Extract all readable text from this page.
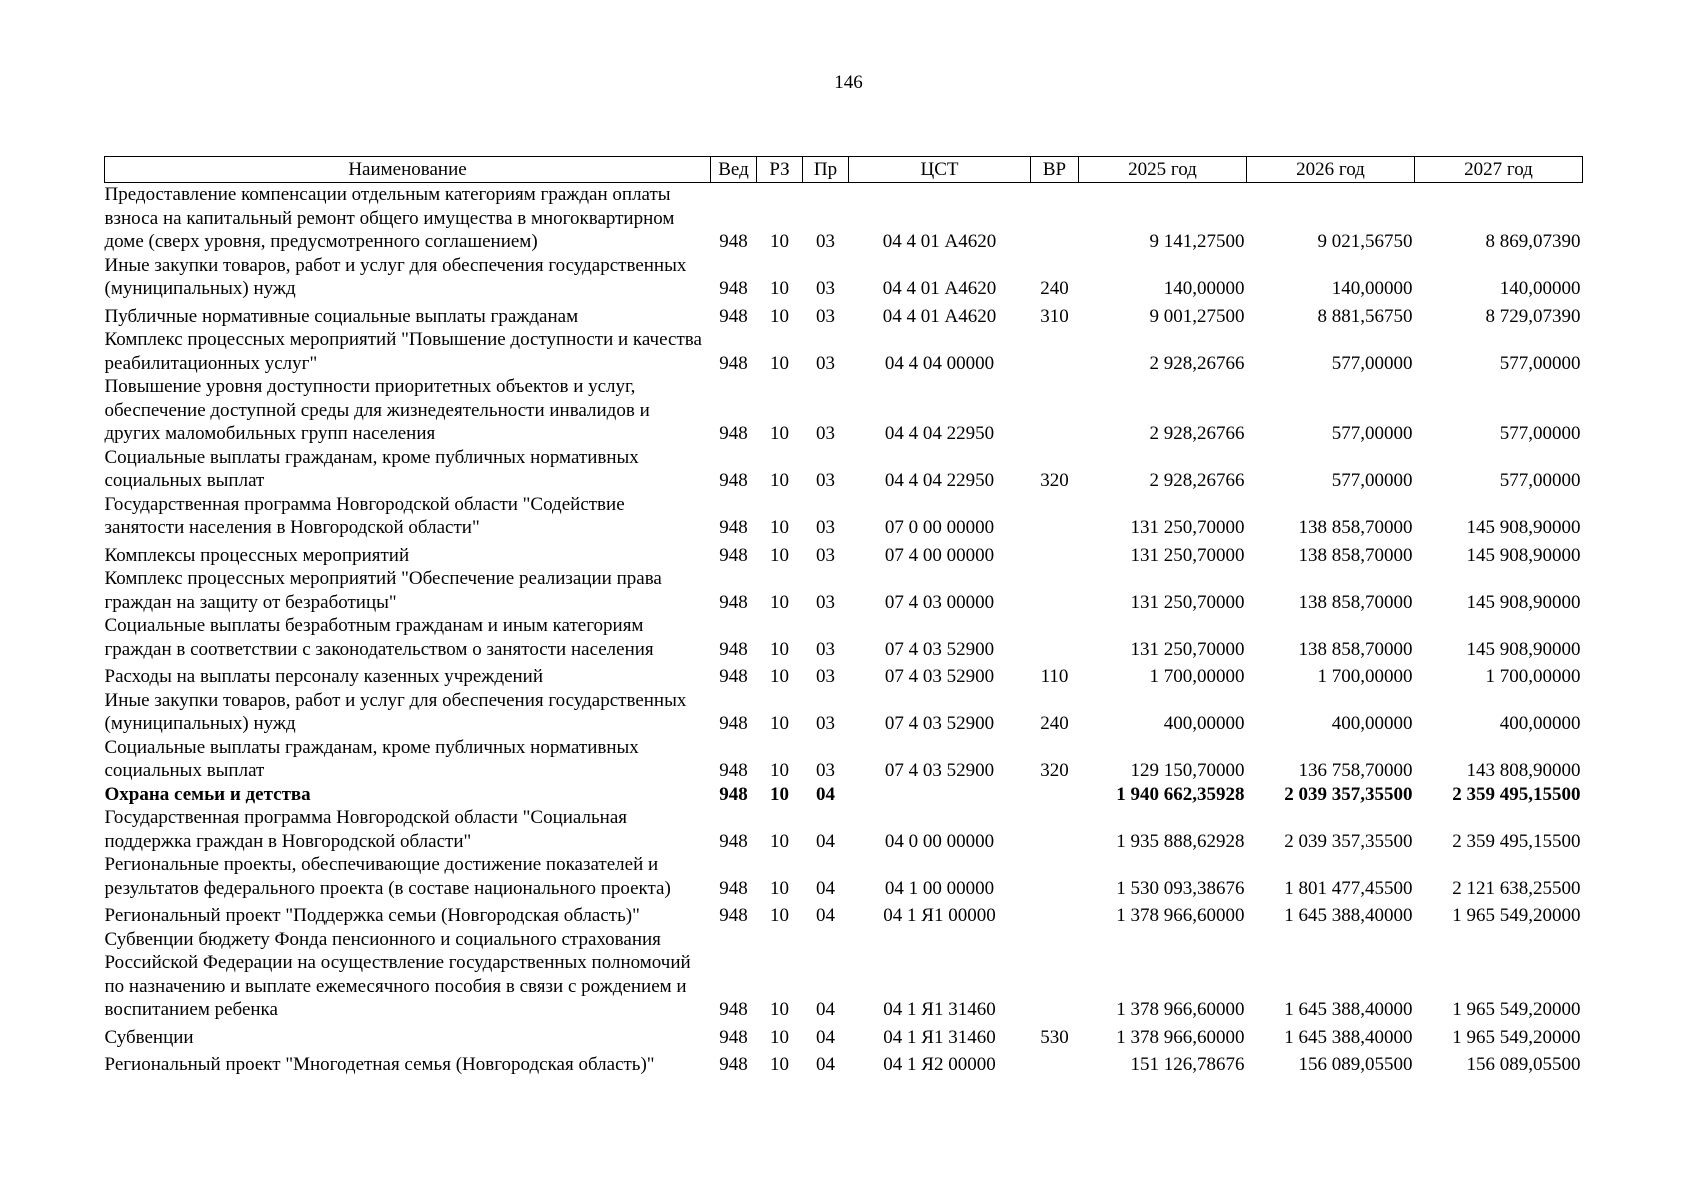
146
Наименование	Вед	РЗ	Пр	ЦСТ	ВР	2025 год	2026 год	2027 год
Предоставление компенсации отдельным категориям граждан оплаты взноса на капитальный ремонт общего имущества в многоквартирном доме (сверх уровня, предусмотренного соглашением)	948	10	03	04 4 01 А4620		9 141,27500	9 021,56750	8 869,07390
Иные закупки товаров, работ и услуг для обеспечения государственных (муниципальных) нужд	948	10	03	04 4 01 А4620	240	140,00000	140,00000	140,00000
Публичные нормативные социальные выплаты гражданам	948	10	03	04 4 01 А4620	310	9 001,27500	8 881,56750	8 729,07390
Комплекс процессных мероприятий "Повышение доступности и качества реабилитационных услуг"	948	10	03	04 4 04 00000		2 928,26766	577,00000	577,00000
Повышение уровня доступности приоритетных объектов и услуг, обеспечение доступной среды для жизнедеятельности инвалидов и других маломобильных групп населения	948	10	03	04 4 04 22950		2 928,26766	577,00000	577,00000
Социальные выплаты гражданам, кроме публичных нормативных социальных выплат	948	10	03	04 4 04 22950	320	2 928,26766	577,00000	577,00000
Государственная программа Новгородской области "Содействие занятости населения в Новгородской области"	948	10	03	07 0 00 00000		131 250,70000	138 858,70000	145 908,90000
Комплексы процессных мероприятий	948	10	03	07 4 00 00000		131 250,70000	138 858,70000	145 908,90000
Комплекс процессных мероприятий "Обеспечение реализации права граждан на защиту от безработицы"	948	10	03	07 4 03 00000		131 250,70000	138 858,70000	145 908,90000
Социальные выплаты безработным гражданам и иным категориям граждан в соответствии с законодательством о занятости населения	948	10	03	07 4 03 52900		131 250,70000	138 858,70000	145 908,90000
Расходы на выплаты персоналу казенных учреждений	948	10	03	07 4 03 52900	110	1 700,00000	1 700,00000	1 700,00000
Иные закупки товаров, работ и услуг для обеспечения государственных (муниципальных) нужд	948	10	03	07 4 03 52900	240	400,00000	400,00000	400,00000
Социальные выплаты гражданам, кроме публичных нормативных социальных выплат	948	10	03	07 4 03 52900	320	129 150,70000	136 758,70000	143 808,90000
Охрана семьи и детства	948	10	04			1 940 662,35928	2 039 357,35500	2 359 495,15500
Государственная программа Новгородской области "Социальная поддержка граждан в Новгородской области"	948	10	04	04 0 00 00000		1 935 888,62928	2 039 357,35500	2 359 495,15500
Региональные проекты, обеспечивающие достижение показателей и результатов федерального проекта (в составе национального проекта)	948	10	04	04 1 00 00000		1 530 093,38676	1 801 477,45500	2 121 638,25500
Региональный проект "Поддержка семьи (Новгородская область)"	948	10	04	04 1 Я1 00000		1 378 966,60000	1 645 388,40000	1 965 549,20000
Субвенции бюджету Фонда пенсионного и социального страхования Российской Федерации на осуществление государственных полномочий по назначению и выплате ежемесячного пособия в связи с рождением и воспитанием ребенка	948	10	04	04 1 Я1 31460		1 378 966,60000	1 645 388,40000	1 965 549,20000
Субвенции	948	10	04	04 1 Я1 31460	530	1 378 966,60000	1 645 388,40000	1 965 549,20000
Региональный проект "Многодетная семья (Новгородская область)"	948	10	04	04 1 Я2 00000		151 126,78676	156 089,05500	156 089,05500
